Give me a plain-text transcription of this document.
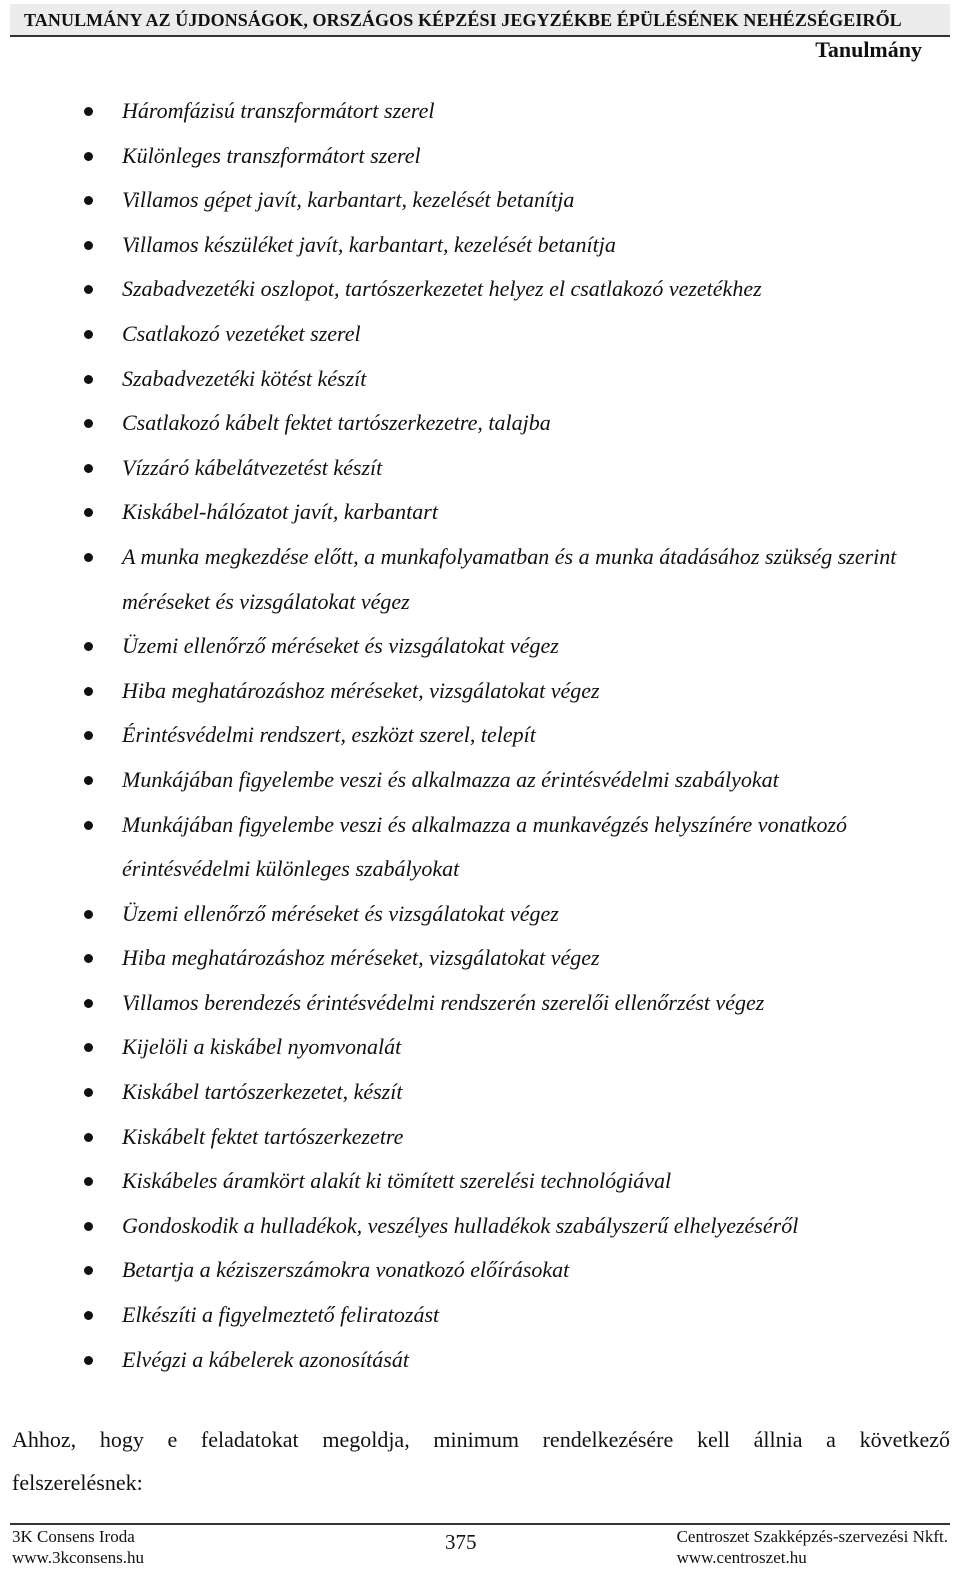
TANULMÁNY AZ ÚJDONSÁGOK, ORSZÁGOS KÉPZÉSI JEGYZÉKBE ÉPÜLÉSÉNEK NEHÉZSÉGEIRŐL
Tanulmány
Háromfázisú transzformátort szerel
Különleges transzformátort szerel
Villamos gépet javít, karbantart, kezelését betanítja
Villamos készüléket javít, karbantart, kezelését betanítja
Szabadvezetéki oszlopot, tartószerkezetet helyez el csatlakozó vezetékhez
Csatlakozó vezetéket szerel
Szabadvezetéki kötést készít
Csatlakozó kábelt fektet tartószerkezetre, talajba
Vízzáró kábelátvezetést készít
Kiskábel-hálózatot javít, karbantart
A munka megkezdése előtt, a munkafolyamatban és a munka átadásához szükség szerint méréseket és vizsgálatokat végez
Üzemi ellenőrző méréseket és vizsgálatokat végez
Hiba meghatározáshoz méréseket, vizsgálatokat végez
Érintésvédelmi rendszert, eszközt szerel, telepít
Munkájában figyelembe veszi és alkalmazza az érintésvédelmi szabályokat
Munkájában figyelembe veszi és alkalmazza a munkavégzés helyszínére vonatkozó érintésvédelmi különleges szabályokat
Üzemi ellenőrző méréseket és vizsgálatokat végez
Hiba meghatározáshoz méréseket, vizsgálatokat végez
Villamos berendezés érintésvédelmi rendszerén szerelői ellenőrzést végez
Kijelöli a kiskábel nyomvonalát
Kiskábel tartószerkezetet, készít
Kiskábelt fektet tartószerkezetre
Kiskábeles áramkört alakít ki tömített szerelési technológiával
Gondoskodik a hulladékok, veszélyes hulladékok szabályszerű elhelyezéséről
Betartja a kéziszerszámokra vonatkozó előírásokat
Elkészíti a figyelmeztető feliratozást
Elvégzi a kábelerek azonosítását
Ahhoz, hogy e feladatokat megoldja, minimum rendelkezésére kell állnia a következő
felszerelésnek:
3K Consens Iroda
www.3kconsens.hu
375	Centroszet Szakképzés-szervezési Nkft.
www.centroszet.hu
